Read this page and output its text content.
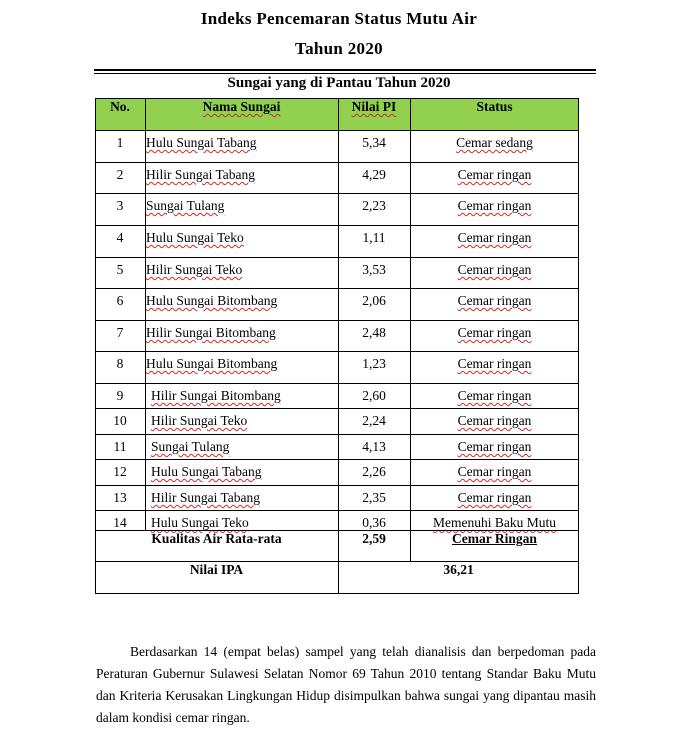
Indeks Pencemaran Status Mutu Air
Tahun 2020
Sungai yang di Pantau Tahun 2020
No.	Nama Sungai	Nilai PI	Status
1 Hulu Sungai Tabang	5,34	Cemar sedang
2 Hilir Sungai Tabang	4,29	Cemar ringan
3 Sungai Tulang	2,23	Cemar ringan
4 Hulu Sungai Teko	1,11	Cemar ringan
5 Hilir Sungai Teko	3,53	Cemar ringan
6 Hulu Sungai Bitombang	2,06	Cemar ringan
7 Hilir Sungai Bitombang	2,48	Cemar ringan
8 Hulu Sungai Bitombang	1,23	Cemar ringan
9 Hilir Sungai Bitombang	2,60	Cemar ringan
10 Hilir Sungai Teko	2,24	Cemar ringan
11 Sungai Tulang	4,13	Cemar ringan
12 Hulu Sungai Tabang	2,26	Cemar ringan
13 Hilir Sungai Tabang	2,35	Cemar ringan
14 Hulu Sungai Teko	0,36	Memenuhi Baku Mutu
Kualitas Air Rata-rata	2,59	Cemar Ringan
Nilai IPA	36,21

Berdasarkan 14 (empat belas) sampel yang telah dianalisis dan berpedoman pada Peraturan Gubernur Sulawesi Selatan Nomor 69 Tahun 2010 tentang Standar Baku Mutu dan Kriteria Kerusakan Lingkungan Hidup disimpulkan bahwa sungai yang dipantau masih dalam kondisi cemar ringan.
